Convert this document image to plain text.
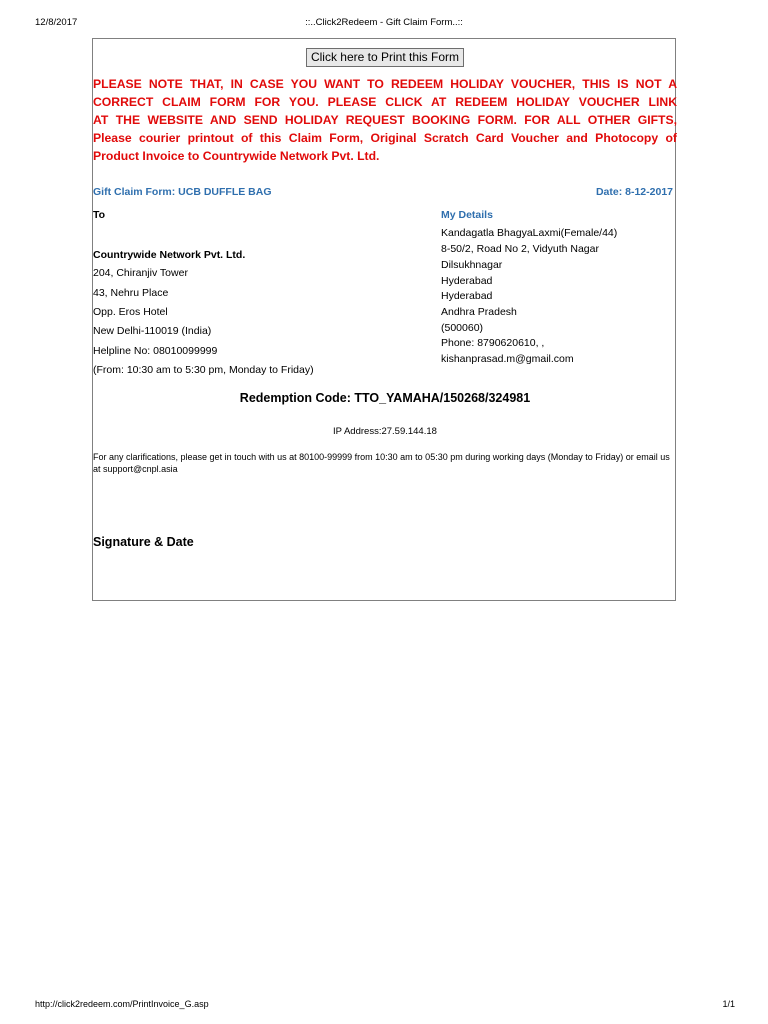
12/8/2017	::..Click2Redeem - Gift Claim Form..::
Click here to Print this Form
PLEASE NOTE THAT, IN CASE YOU WANT TO REDEEM HOLIDAY VOUCHER, THIS IS NOT A
CORRECT CLAIM FORM FOR YOU. PLEASE CLICK AT REDEEM HOLIDAY VOUCHER LINK
AT THE WEBSITE AND SEND HOLIDAY REQUEST BOOKING FORM. FOR ALL OTHER GIFTS,
Please courier printout of this Claim Form, Original Scratch Card Voucher and Photocopy of
Product Invoice to Countrywide Network Pvt. Ltd.
Gift Claim Form: UCB DUFFLE BAG	Date: 8-12-2017
To
Countrywide Network Pvt. Ltd.
204, Chiranjiv Tower
43, Nehru Place
Opp. Eros Hotel
New Delhi-110019 (India)
Helpline No: 08010099999
(From: 10:30 am to 5:30 pm, Monday to Friday)
My Details
Kandagatla BhagyaLaxmi(Female/44)
8-50/2, Road No 2, Vidyuth Nagar
Dilsukhnagar
Hyderabad
Hyderabad
Andhra Pradesh
(500060)
Phone: 8790620610, ,
kishanprasad.m@gmail.com
Redemption Code: TTO_YAMAHA/150268/324981
IP Address:27.59.144.18
For any clarifications, please get in touch with us at 80100-99999 from 10:30 am to 05:30 pm during working days (Monday to Friday) or email us at support@cnpl.asia
Signature & Date
http://click2redeem.com/PrintInvoice_G.asp	1/1
